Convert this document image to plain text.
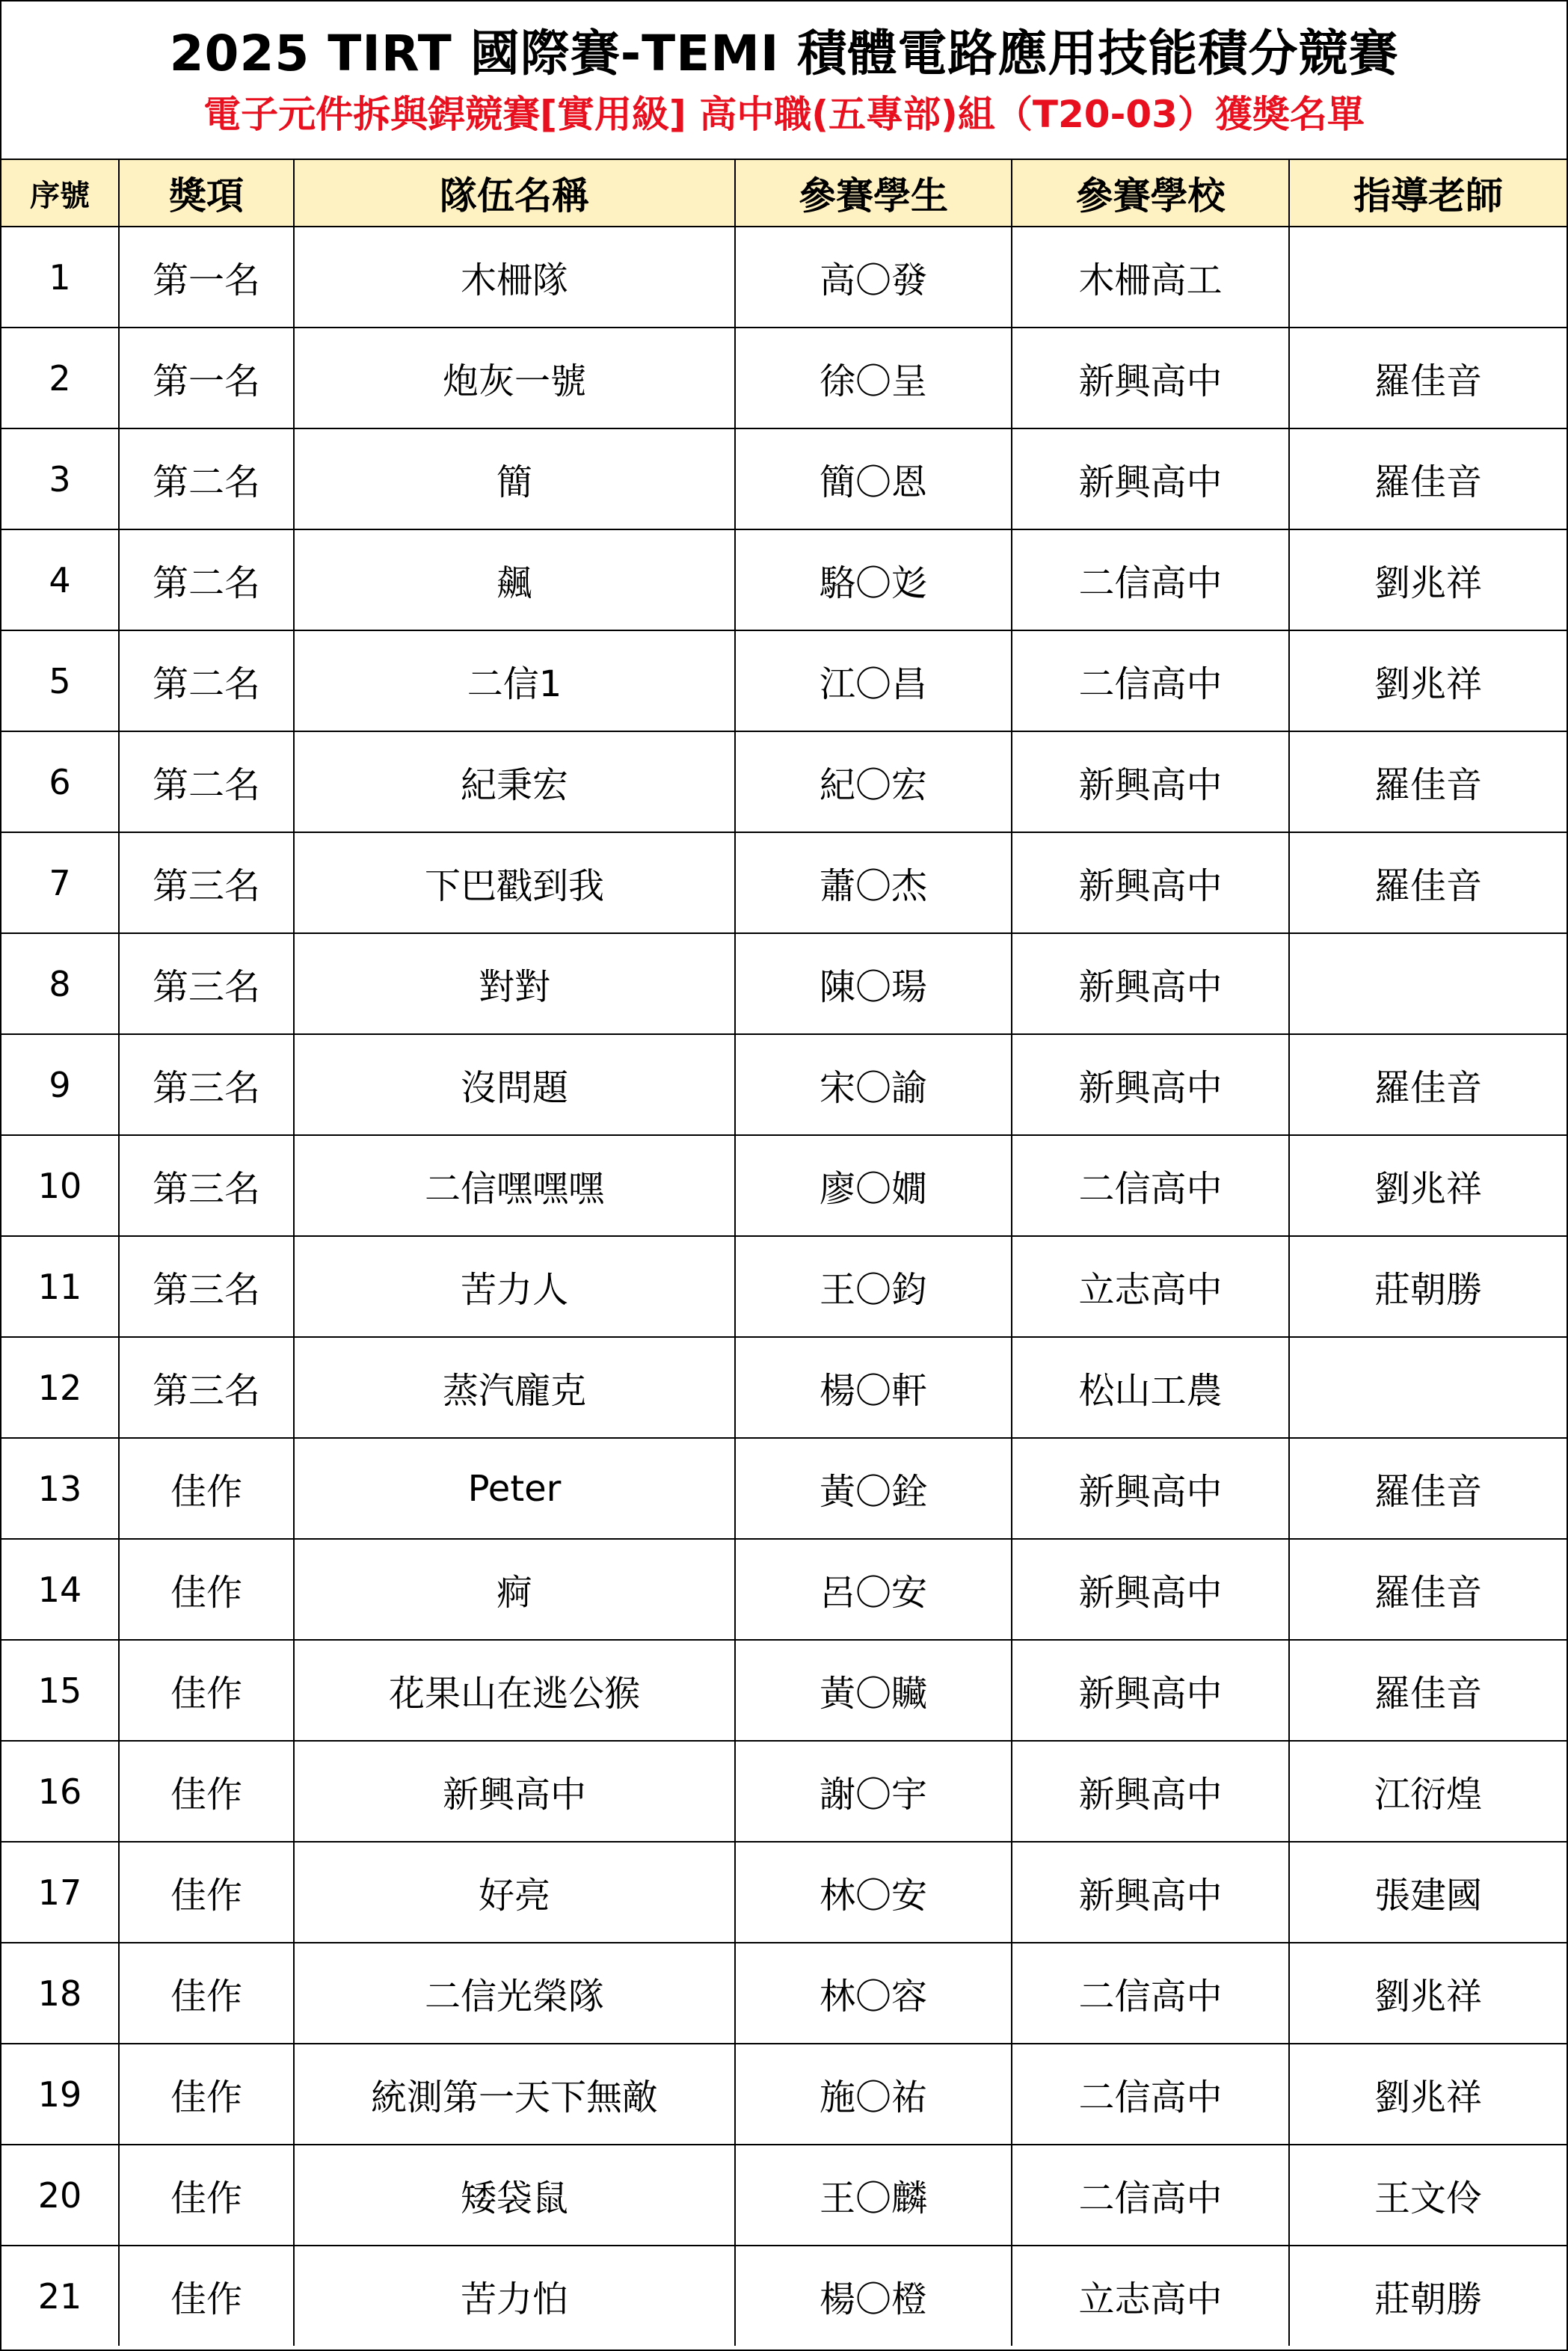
2025 TIRT 國際賽-TEMI 積體電路應用技能積分競賽
電子元件拆與銲競賽[實用級] 高中職(五專部)組（T20-03）獲獎名單
序號	獎項	隊伍名稱	參賽學生	參賽學校	指導老師
1	第一名	木柵隊	高〇發	木柵高工	
2	第一名	炮灰一號	徐〇呈	新興高中	羅佳音
3	第二名	簡	簡〇恩	新興高中	羅佳音
4	第二名	飆	駱〇彣	二信高中	劉兆祥
5	第二名	二信1	江〇昌	二信高中	劉兆祥
6	第二名	紀秉宏	紀〇宏	新興高中	羅佳音
7	第三名	下巴戳到我	蕭〇杰	新興高中	羅佳音
8	第三名	對對	陳〇瑒	新興高中	
9	第三名	沒問題	宋〇諭	新興高中	羅佳音
10	第三名	二信嘿嘿嘿	廖〇嫺	二信高中	劉兆祥
11	第三名	苦力人	王〇鈞	立志高中	莊朝勝
12	第三名	蒸汽龐克	楊〇軒	松山工農	
13	佳作	Peter	黃〇銓	新興高中	羅佳音
14	佳作	痾	呂〇安	新興高中	羅佳音
15	佳作	花果山在逃公猴	黃〇贜	新興高中	羅佳音
16	佳作	新興高中	謝〇宇	新興高中	江衍煌
17	佳作	好亮	林〇安	新興高中	張建國
18	佳作	二信光榮隊	林〇容	二信高中	劉兆祥
19	佳作	統測第一天下無敵	施〇祐	二信高中	劉兆祥
20	佳作	矮袋鼠	王〇麟	二信高中	王文伶
21	佳作	苦力怕	楊〇橙	立志高中	莊朝勝
